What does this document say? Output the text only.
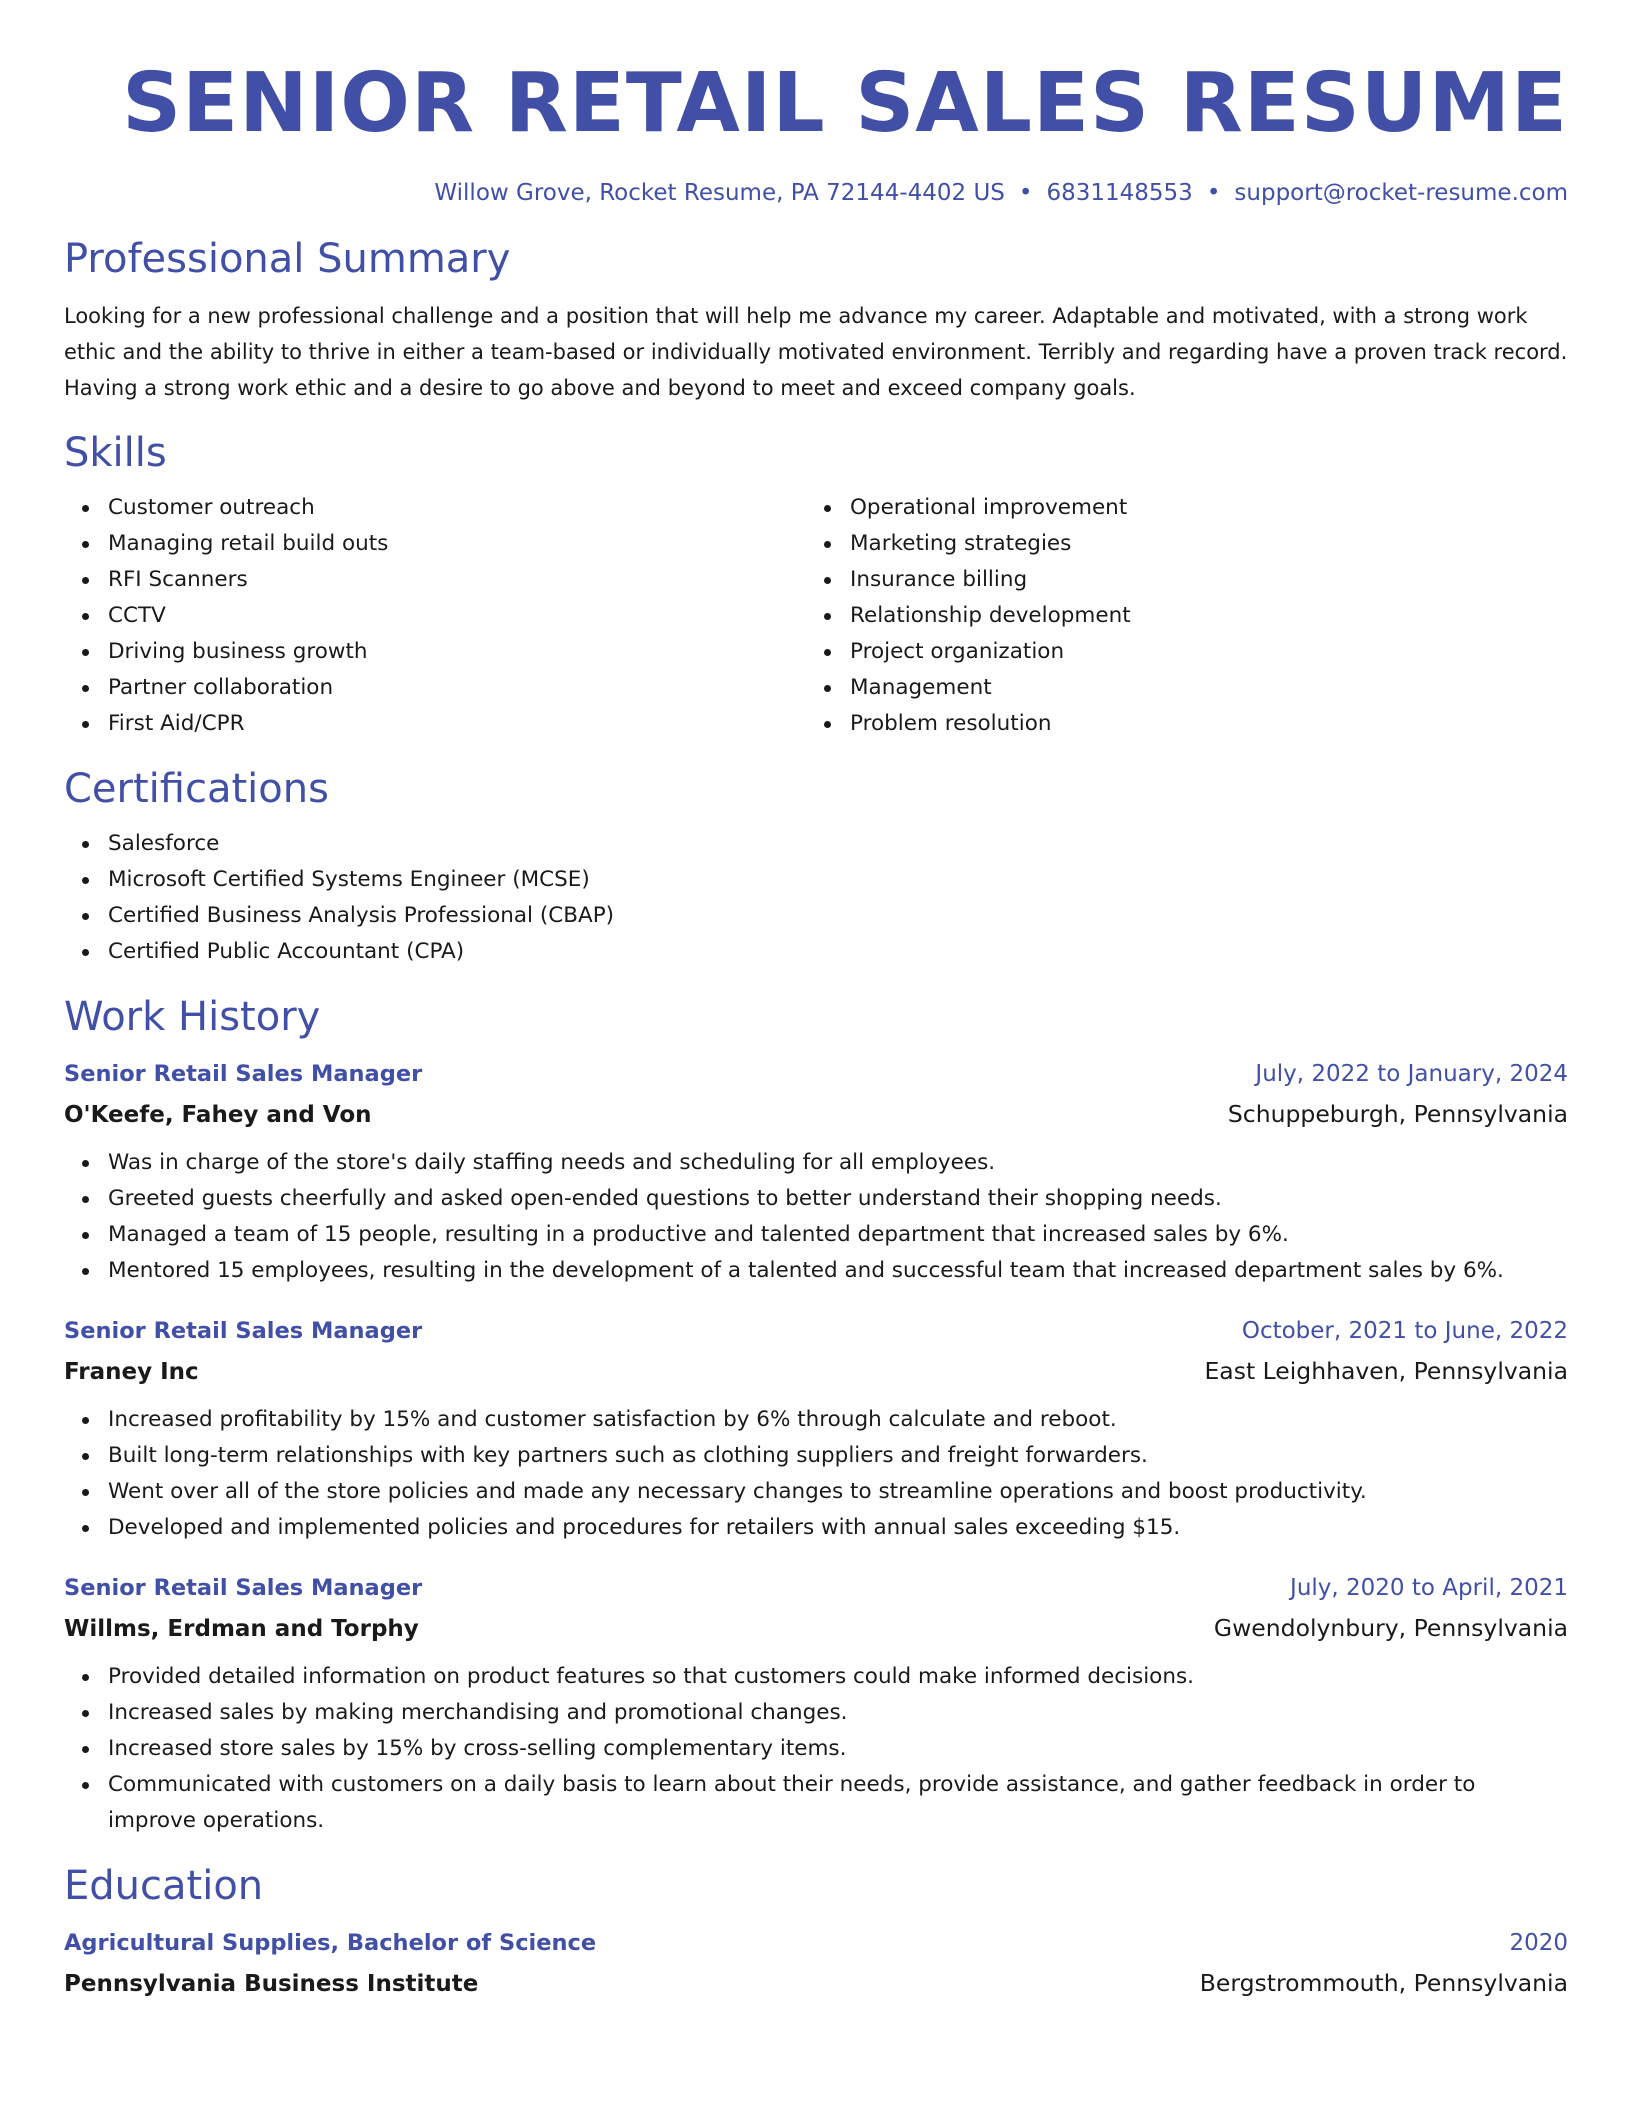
SENIOR RETAIL SALES RESUME
Willow Grove, Rocket Resume, PA 72144-4402 US • 6831148553 • support@rocket-resume.com
Professional Summary

Looking for a new professional challenge and a position that will help me advance my career. Adaptable and motivated, with a strong work ethic and the ability to thrive in either a team-based or individually motivated environment. Terribly and regarding have a proven track record. Having a strong work ethic and a desire to go above and beyond to meet and exceed company goals.

Skills
Customer outreach
Managing retail build outs
RFI Scanners
CCTV
Driving business growth
Partner collaboration
First Aid/CPR
Operational improvement
Marketing strategies
Insurance billing
Relationship development
Project organization
Management
Problem resolution
Certifications
Salesforce
Microsoft Certified Systems Engineer (MCSE)
Certified Business Analysis Professional (CBAP)
Certified Public Accountant (CPA)
Work History
Senior Retail Sales Manager	July, 2022 to January, 2024
O'Keefe, Fahey and Von	Schuppeburgh, Pennsylvania
Was in charge of the store's daily staffing needs and scheduling for all employees.
Greeted guests cheerfully and asked open-ended questions to better understand their shopping needs.
Managed a team of 15 people, resulting in a productive and talented department that increased sales by 6%.
Mentored 15 employees, resulting in the development of a talented and successful team that increased department sales by 6%.
Senior Retail Sales Manager	October, 2021 to June, 2022
Franey Inc	East Leighhaven, Pennsylvania
Increased profitability by 15% and customer satisfaction by 6% through calculate and reboot.
Built long-term relationships with key partners such as clothing suppliers and freight forwarders.
Went over all of the store policies and made any necessary changes to streamline operations and boost productivity.
Developed and implemented policies and procedures for retailers with annual sales exceeding $15.
Senior Retail Sales Manager	July, 2020 to April, 2021
Willms, Erdman and Torphy	Gwendolynbury, Pennsylvania
Provided detailed information on product features so that customers could make informed decisions.
Increased sales by making merchandising and promotional changes.
Increased store sales by 15% by cross-selling complementary items.
Communicated with customers on a daily basis to learn about their needs, provide assistance, and gather feedback in order to improve operations.
Education
Agricultural Supplies, Bachelor of Science	2020
Pennsylvania Business Institute	Bergstrommouth, Pennsylvania
